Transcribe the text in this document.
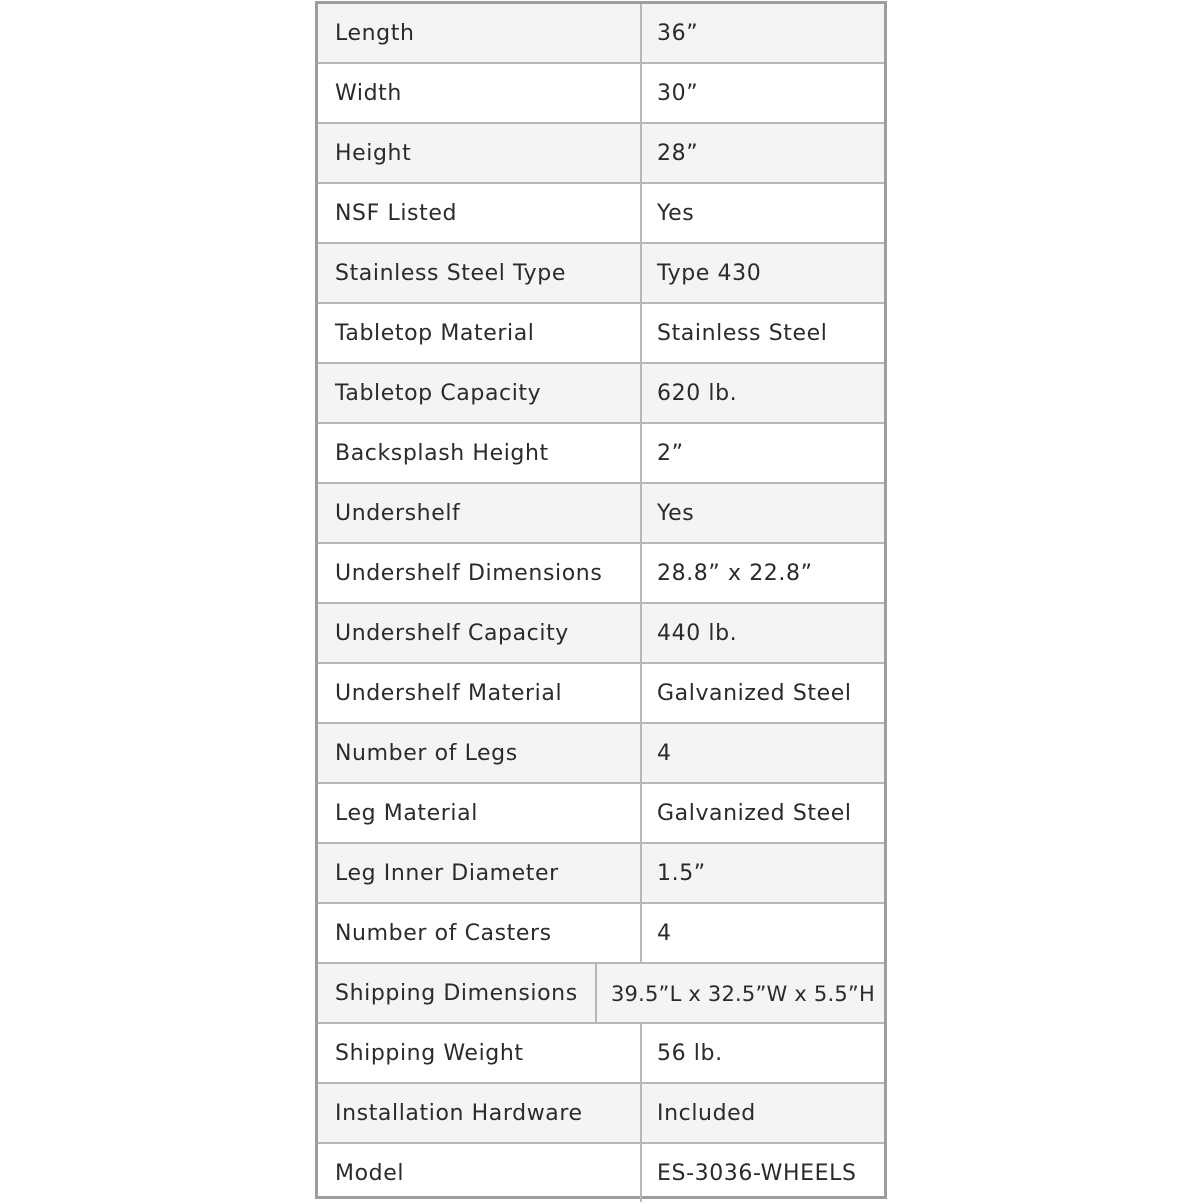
Length	36”
Width	30”
Height	28”
NSF Listed	Yes
Stainless Steel Type	Type 430
Tabletop Material	Stainless Steel
Tabletop Capacity	620 lb.
Backsplash Height	2”
Undershelf	Yes
Undershelf Dimensions 28.8” x 22.8”
Undershelf Capacity	440 lb.
Undershelf Material	Galvanized Steel
Number of Legs	4
Leg Material	Galvanized Steel
Leg Inner Diameter	1.5”
Number of Casters	4
Shipping Dimensions 39.5”L x 32.5”W x 5.5”H
Shipping Weight	56 lb.
Installation Hardware	Included
Model	ES-3036-WHEELS
